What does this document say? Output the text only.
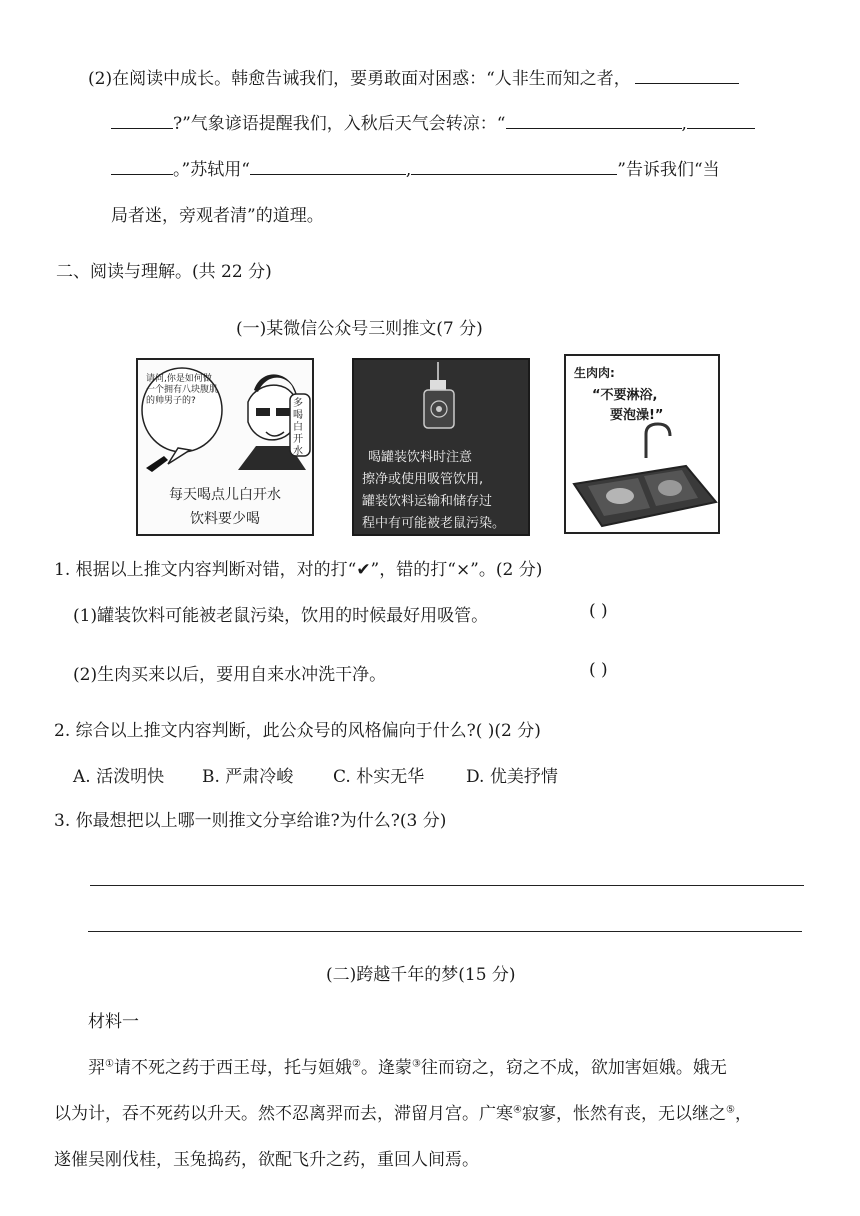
(2)在阅读中成长。韩愈告诫我们，要勇敢面对困惑：“人非生而知之者，
?”气象谚语提醒我们，入秋后天气会转凉：“	,
。”苏轼用“	,	”告诉我们“当
局者迷，旁观者清”的道理。
二、阅读与理解。(共 22 分)
(一)某微信公众号三则推文(7 分)
请问,你是如何做一个拥有八块腹肌的帅男子的?	多喝白开水
每天喝点儿白开水
饮料要少喝
喝罐装饮料时注意
擦净或使用吸管饮用,
罐装饮料运输和储存过
程中有可能被老鼠污染。
生肉肉:
“不要淋浴,
要泡澡!”
1. 根据以上推文内容判断对错，对的打“✔”，错的打“×”。(2 分)
(1)罐装饮料可能被老鼠污染，饮用的时候最好用吸管。	( )
(2)生肉买来以后，要用自来水冲洗干净。	( )
2. 综合以上推文内容判断，此公众号的风格偏向于什么?( )(2 分)
A. 活泼明快 B. 严肃冷峻 C. 朴实无华 D. 优美抒情
3. 你最想把以上哪一则推文分享给谁?为什么?(3 分)
(二)跨越千年的梦(15 分)
材料一
羿①请不死之药于西王母，托与姮娥②。逄蒙③往而窃之，窃之不成，欲加害姮娥。娥无
以为计，吞不死药以升天。然不忍离羿而去，滞留月宫。广寒④寂寥，怅然有丧，无以继之⑤，
遂催吴刚伐桂，玉兔捣药，欲配飞升之药，重回人间焉。
